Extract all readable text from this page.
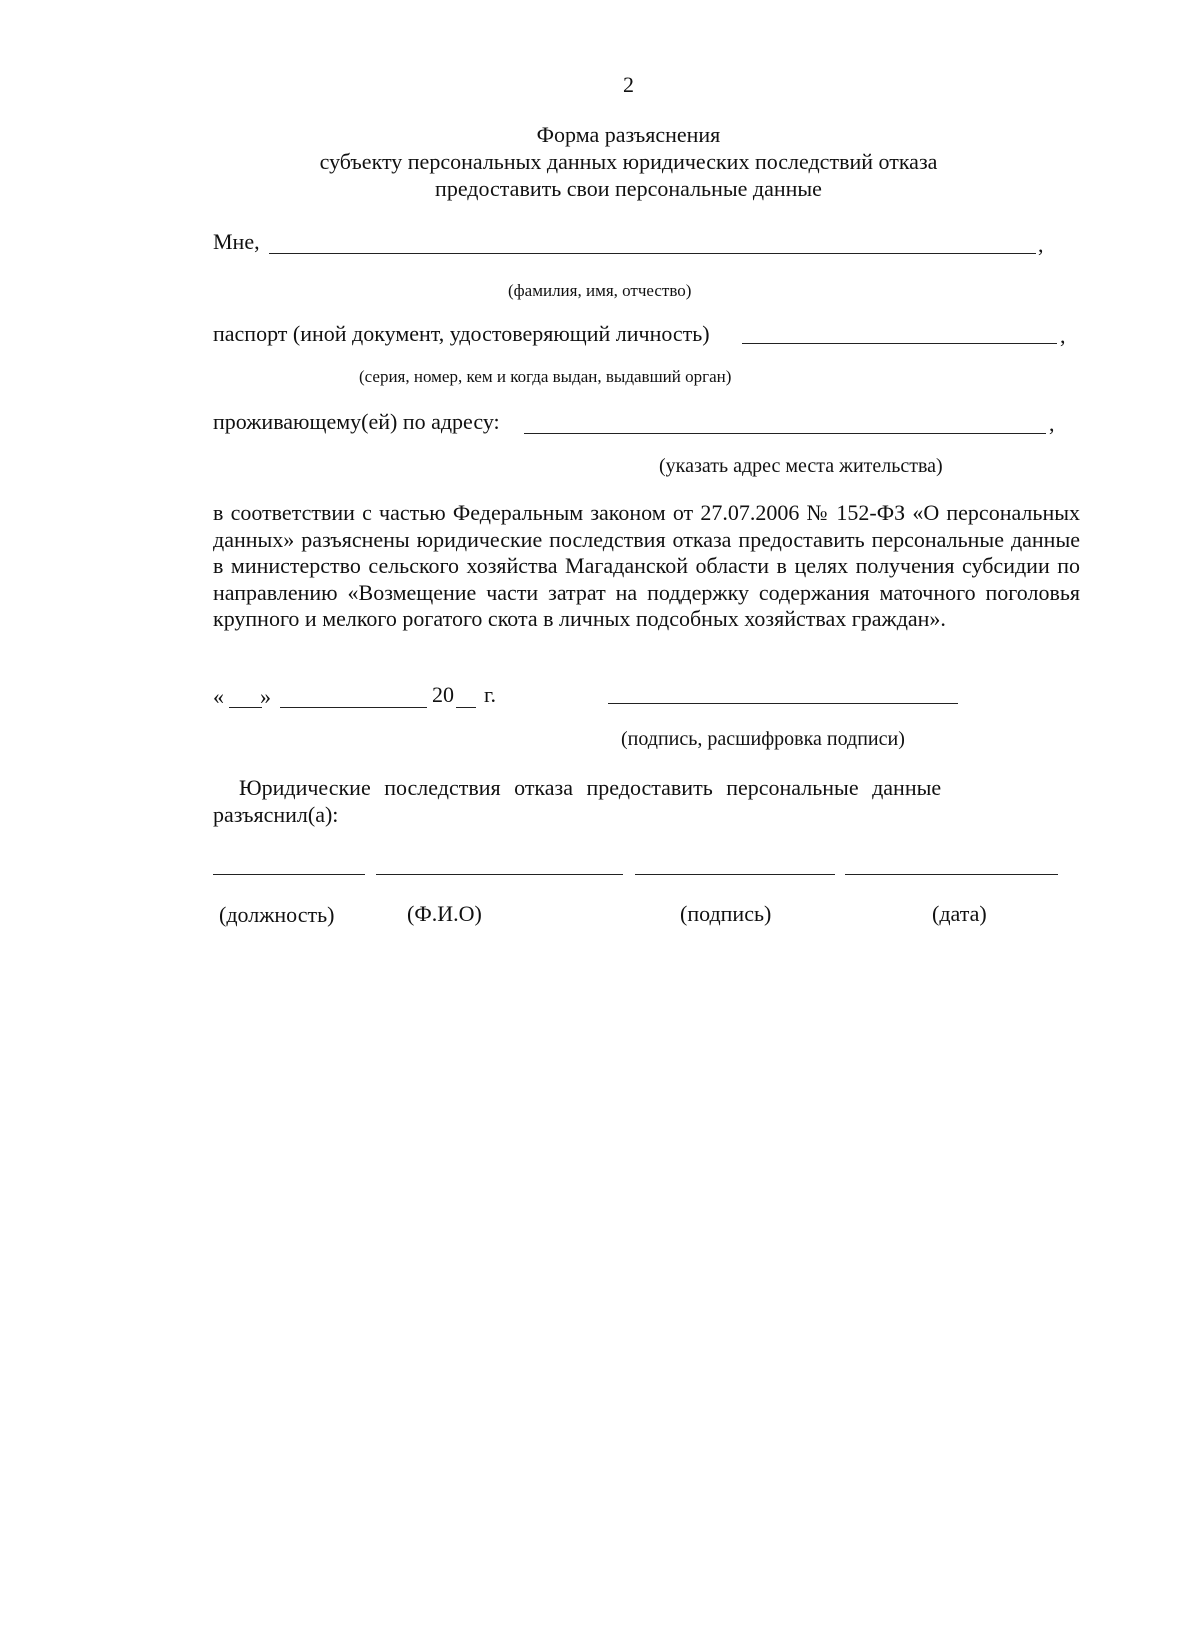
2
Форма разъяснения
субъекту персональных данных юридических последствий отказа
предоставить свои персональные данные
Мне,	,
(фамилия, имя, отчество)
паспорт (иной документ, удостоверяющий личность)	,
(серия, номер, кем и когда выдан, выдавший орган)
проживающему(ей) по адресу:	,
(указать адрес места жительства)
в соответствии с частью Федеральным законом от 27.07.2006 № 152-ФЗ «О персональных данных» разъяснены юридические последствия отказа предоставить персональные данные в министерство сельского хозяйства Магаданской области в целях получения субсидии по направлению «Возмещение части затрат на поддержку содержания маточного поголовья крупного и мелкого рогатого скота в личных подсобных хозяйствах граждан».
« »	20 г.
(подпись, расшифровка подписи)
Юридические последствия отказа предоставить персональные данные
разъяснил(а):
(должность)	(Ф.И.О)	(подпись)	(дата)
